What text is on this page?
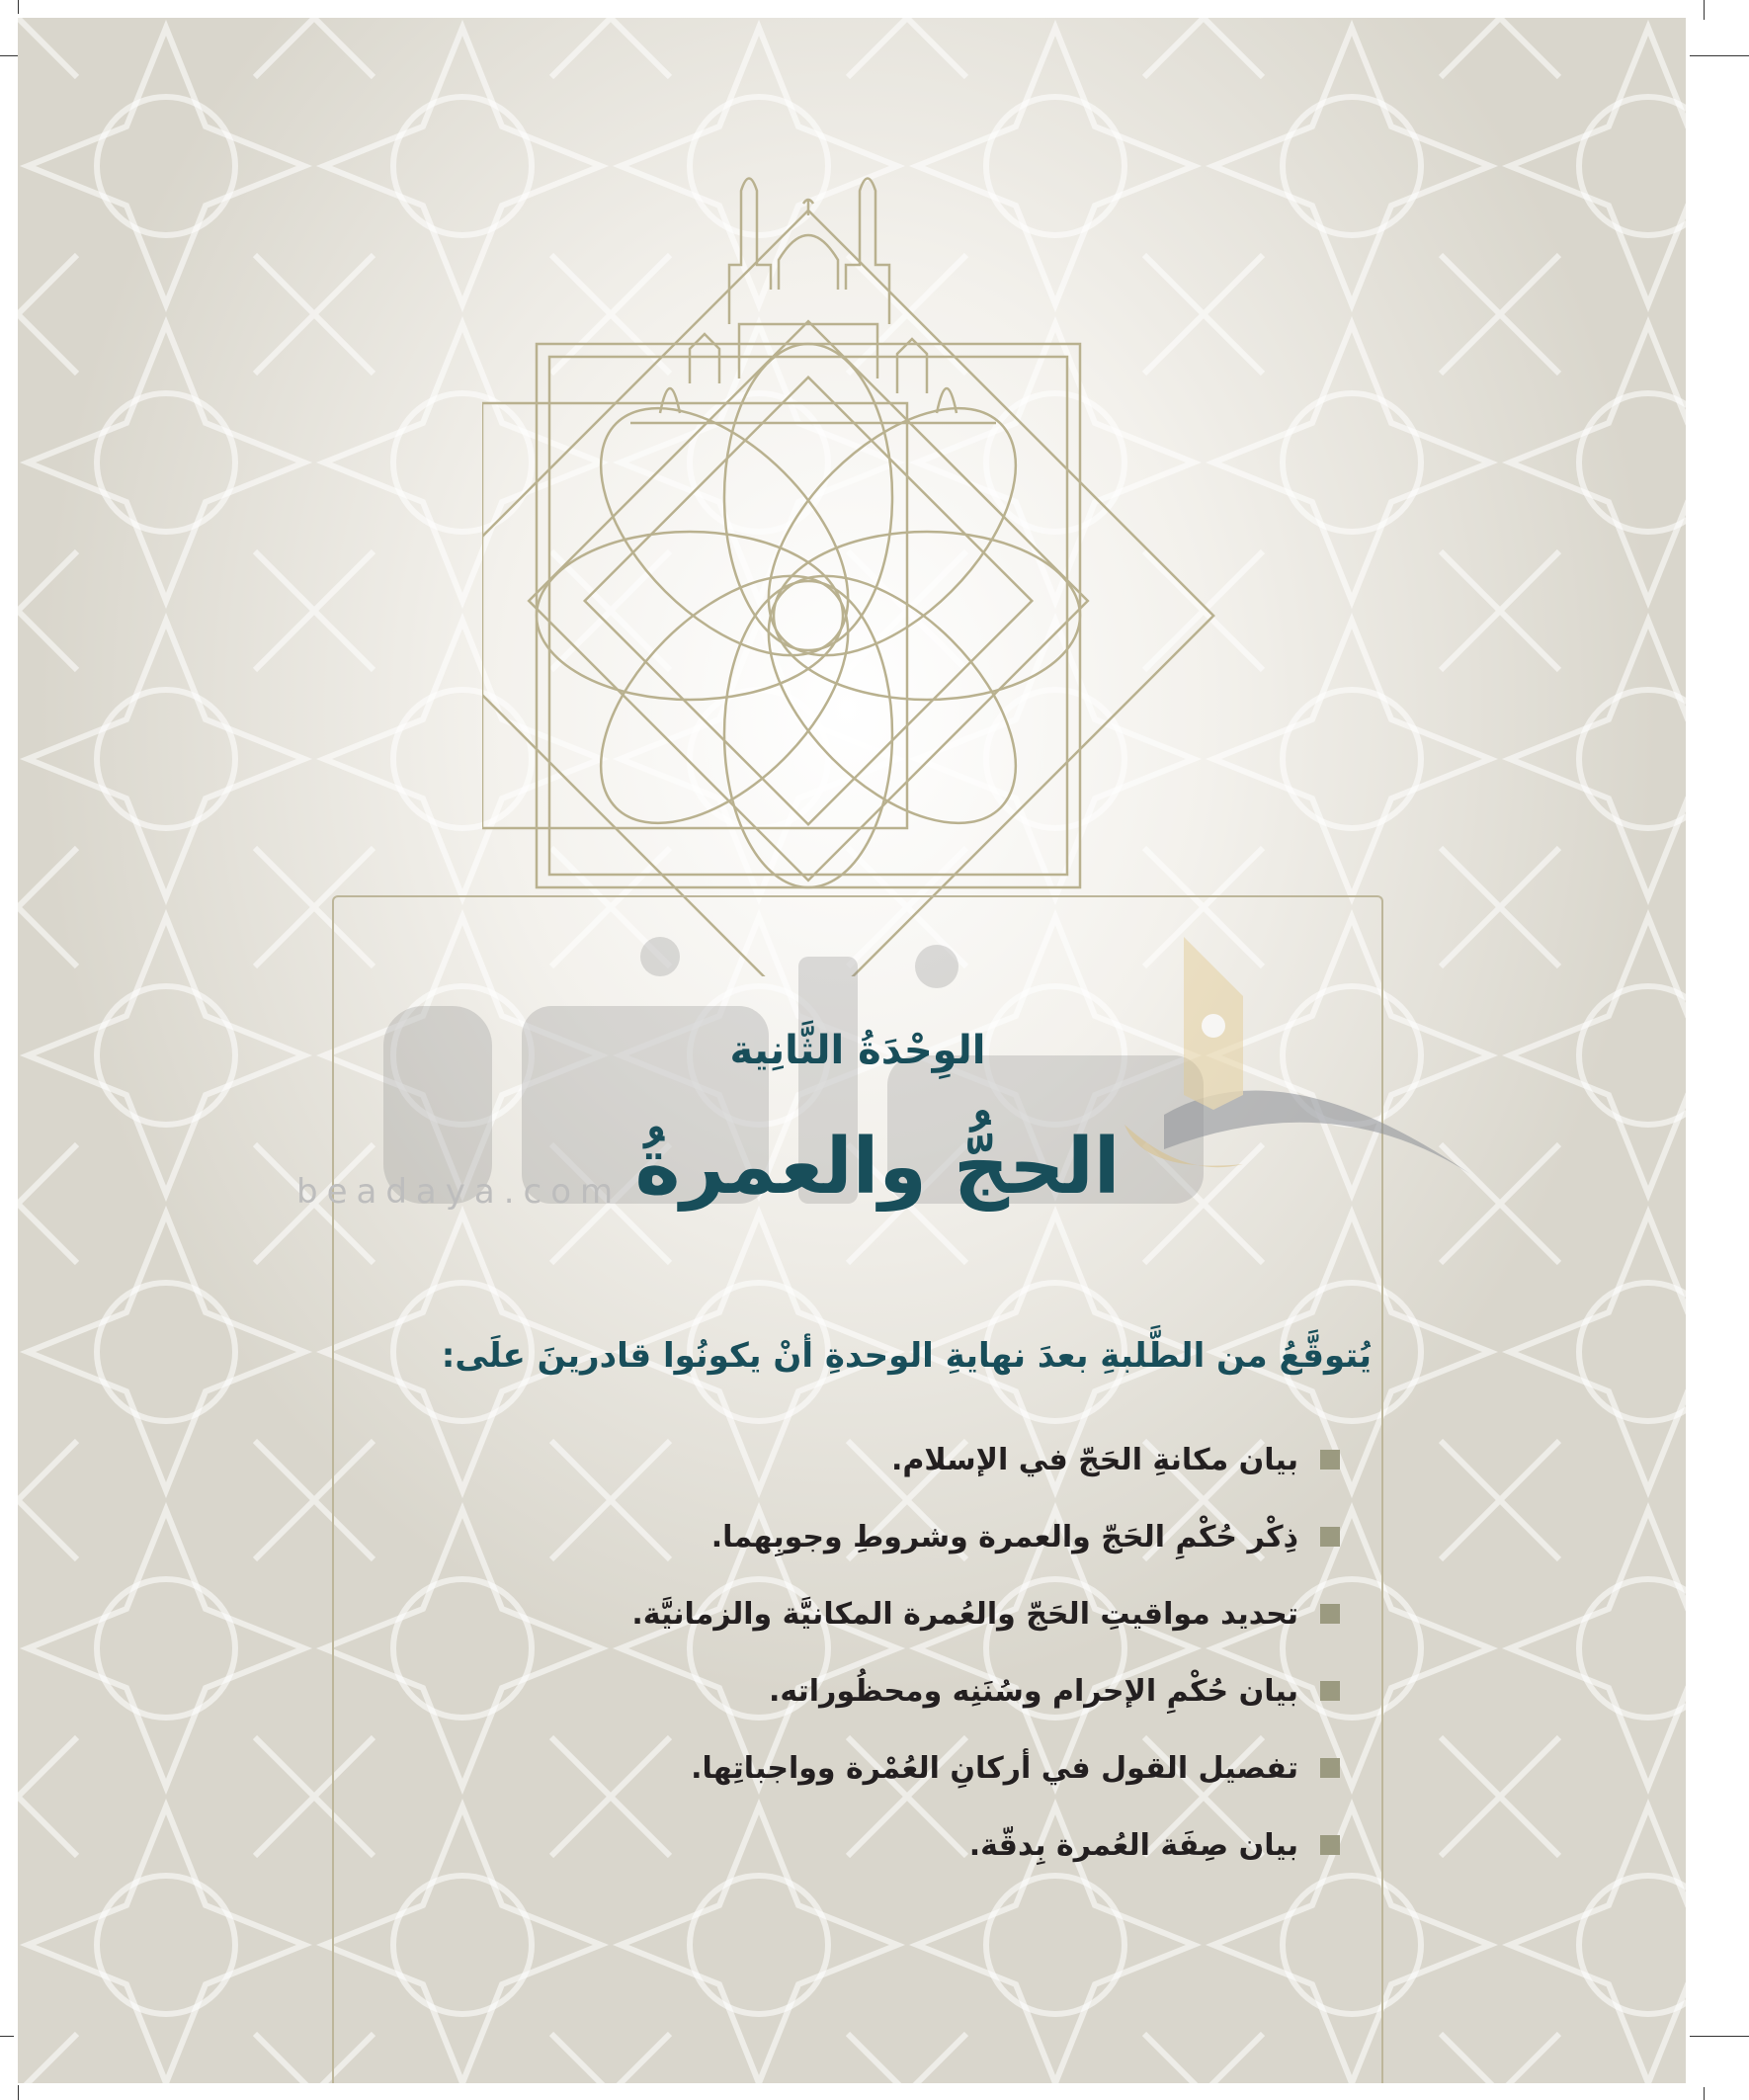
beadaya.com
الوِحْدَةُ الثَّانِية
الحجُّ والعمرةُ
يُتوقَّعُ من الطَّلبةِ بعدَ نهايةِ الوحدةِ أنْ يكونُوا قادرينَ علَى:
بيان مكانةِ الحَجّ في الإسلام.
ذِكْر حُكْمِ الحَجّ والعمرة وشروطِ وجوبِهما.
تحديد مواقيتِ الحَجّ والعُمرة المكانيَّة والزمانيَّة.
بيان حُكْمِ الإحرام وسُنَنِه ومحظُوراته.
تفصيل القول في أركانِ العُمْرة وواجباتِها.
بيان صِفَة العُمرة بِدقّة.
